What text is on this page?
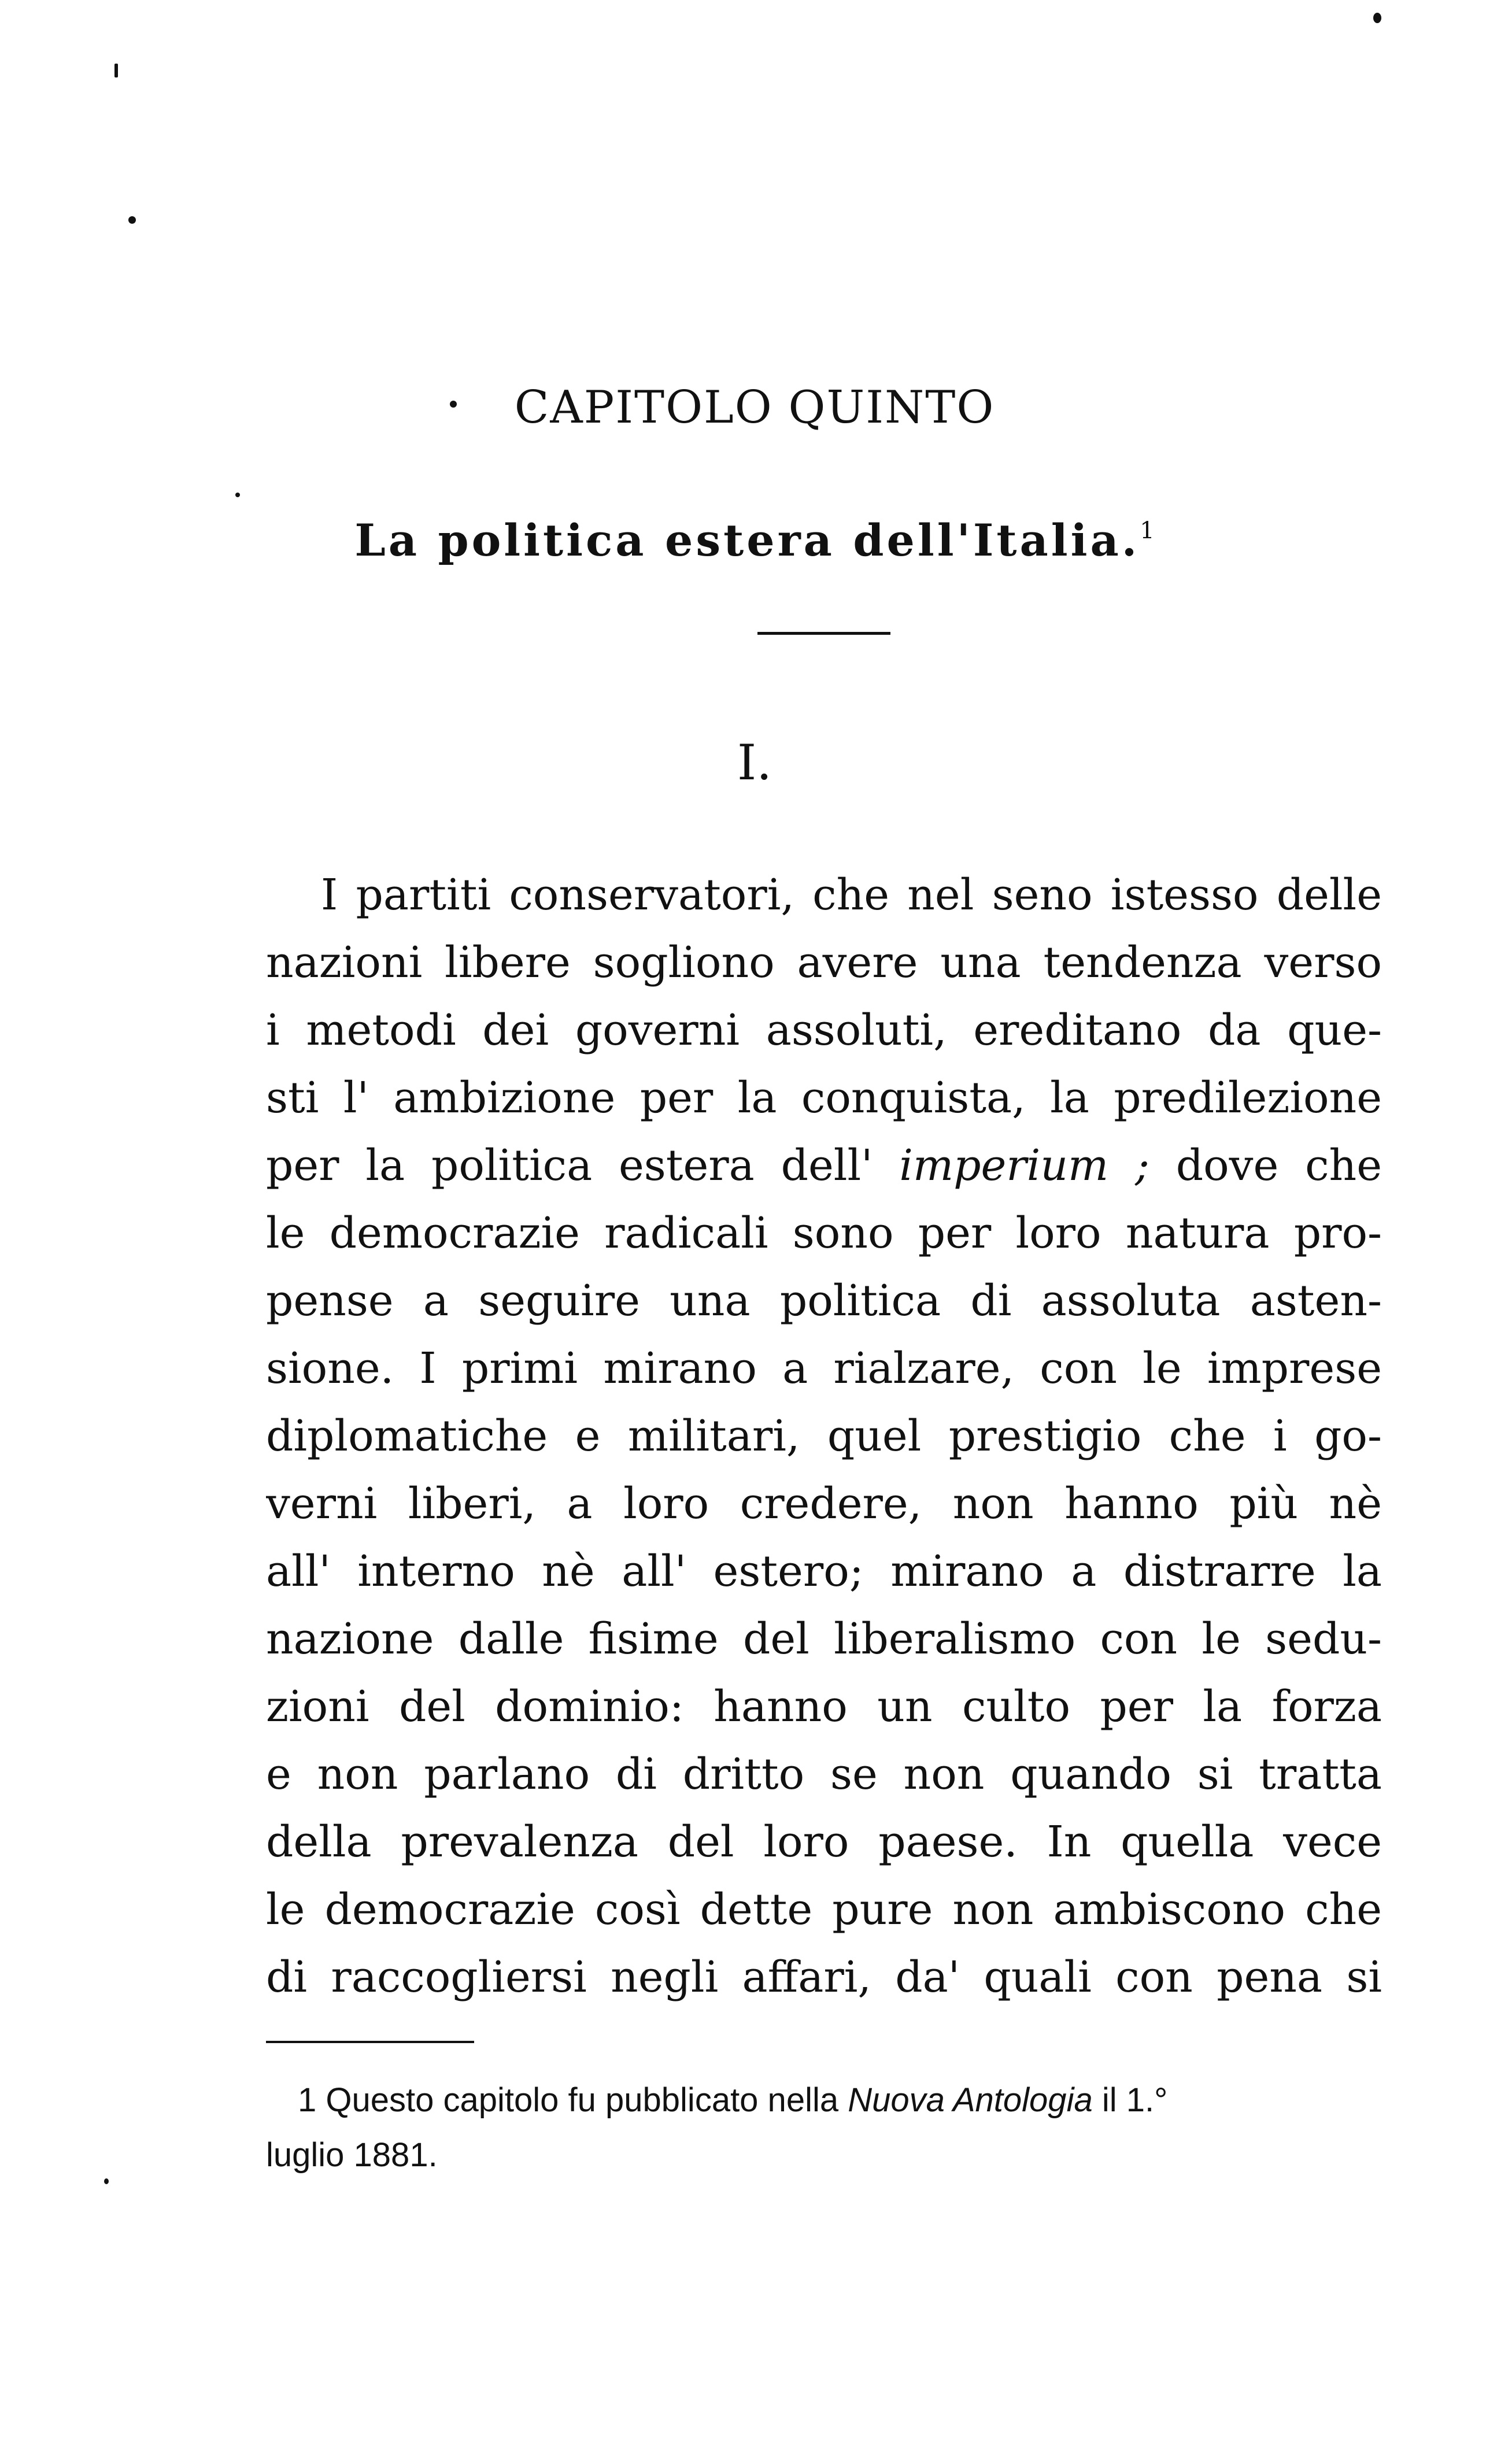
CAPITOLO QUINTO
La politica estera dell'Italia.$^1$
I.
I partiti conservatori, che nel seno istesso delle
nazioni libere sogliono avere una tendenza verso
i metodi dei governi assoluti, ereditano da que-
sti l' ambizione per la conquista, la predilezione
per la politica estera dell' imperium ; dove che
le democrazie radicali sono per loro natura pro-
pense a seguire una politica di assoluta asten-
sione. I primi mirano a rialzare, con le imprese
diplomatiche e militari, quel prestigio che i go-
verni liberi, a loro credere, non hanno più nè
all' interno nè all' estero; mirano a distrarre la
nazione dalle fisime del liberalismo con le sedu-
zioni del dominio: hanno un culto per la forza
e non parlano di dritto se non quando si tratta
della prevalenza del loro paese. In quella vece
le democrazie così dette pure non ambiscono che
di raccogliersi negli affari, da' quali con pena si
1 Questo capitolo fu pubblicato nella Nuova Antologia il 1.°
luglio 1881.
